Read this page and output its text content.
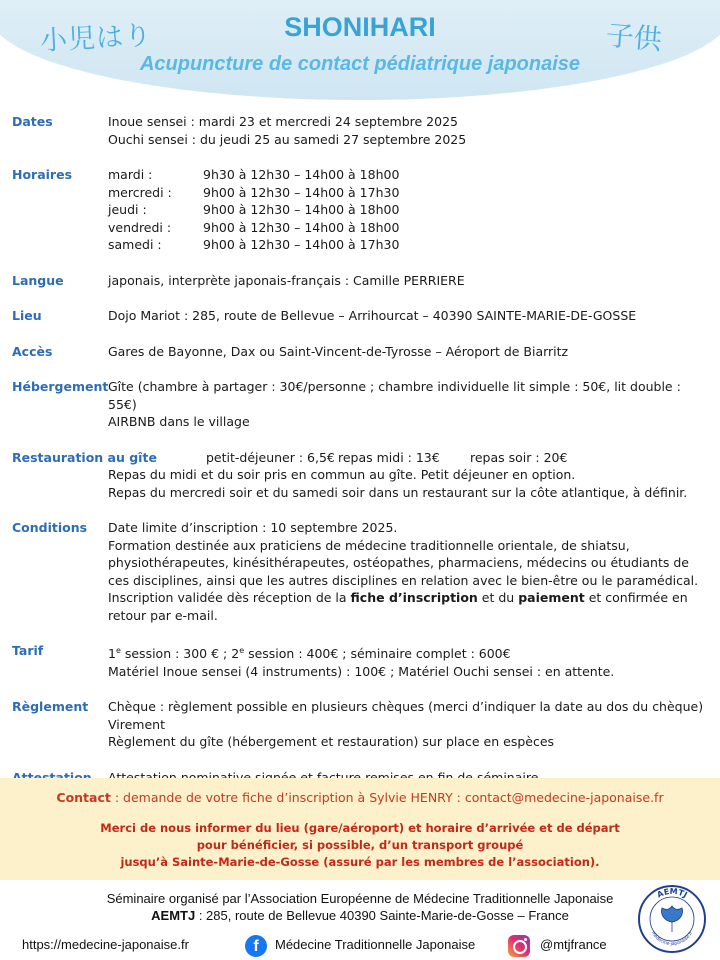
小児はり	子供
SHONIHARI
Acupuncture de contact pédiatrique japonaise
Dates	Inoue sensei : mardi 23 et mercredi 24 septembre 2025
Ouchi sensei : du jeudi 25 au samedi 27 septembre 2025
Horaires	mardi :	9h30 à 12h30 – 14h00 à 18h00
mercredi :	9h00 à 12h30 – 14h00 à 17h30
jeudi :	9h00 à 12h30 – 14h00 à 18h00
vendredi :	9h00 à 12h30 – 14h00 à 18h00
samedi :	9h00 à 12h30 – 14h00 à 17h30
Langue	japonais, interprète japonais-français : Camille PERRIERE
Lieu	Dojo Mariot : 285, route de Bellevue – Arrihourcat – 40390 SAINTE-MARIE-DE-GOSSE
Accès	Gares de Bayonne, Dax ou Saint-Vincent-de-Tyrosse – Aéroport de Biarritz
Hébergement Gîte (chambre à partager : 30€/personne ; chambre individuelle lit simple : 50€, lit double : 55€)
AIRBNB dans le village
Restauration au gîte	petit-déjeuner : 6,5€ repas midi : 13€	repas soir : 20€
Repas du midi et du soir pris en commun au gîte. Petit déjeuner en option.
Repas du mercredi soir et du samedi soir dans un restaurant sur la côte atlantique, à définir.
Conditions	Date limite d’inscription : 10 septembre 2025.
Formation destinée aux praticiens de médecine traditionnelle orientale, de shiatsu, physiothérapeutes, kinésithérapeutes, ostéopathes, pharmaciens, médecins ou étudiants de ces disciplines, ainsi que les autres disciplines en relation avec le bien-être ou le paramédical.
Inscription validée dès réception de la fiche d’inscription et du paiement et confirmée en retour par e-mail.
Tarif	1e session : 300 € ; 2e session : 400€ ; séminaire complet : 600€
Matériel Inoue sensei (4 instruments) : 100€ ; Matériel Ouchi sensei : en attente.
Règlement	Chèque : règlement possible en plusieurs chèques (merci d’indiquer la date au dos du chèque)
Virement
Règlement du gîte (hébergement et restauration) sur place en espèces
Contact : demande de votre fiche d’inscription à Sylvie HENRY : contact@medecine-japonaise.fr
Merci de nous informer du lieu (gare/aéroport) et horaire d’arrivée et de départ
pour bénéficier, si possible, d’un transport groupé
jusqu’à Sainte-Marie-de-Gosse (assuré par les membres de l’association).
Séminaire organisé par l’Association Européenne de Médecine Traditionnelle Japonaise
AEMTJ : 285, route de Bellevue 40390 Sainte-Marie-de-Gosse – France
https://medecine-japonaise.fr	f	Médecine Traditionnelle Japonaise	@mtjfrance
AEMTJ
médecine-japonaise.fr
